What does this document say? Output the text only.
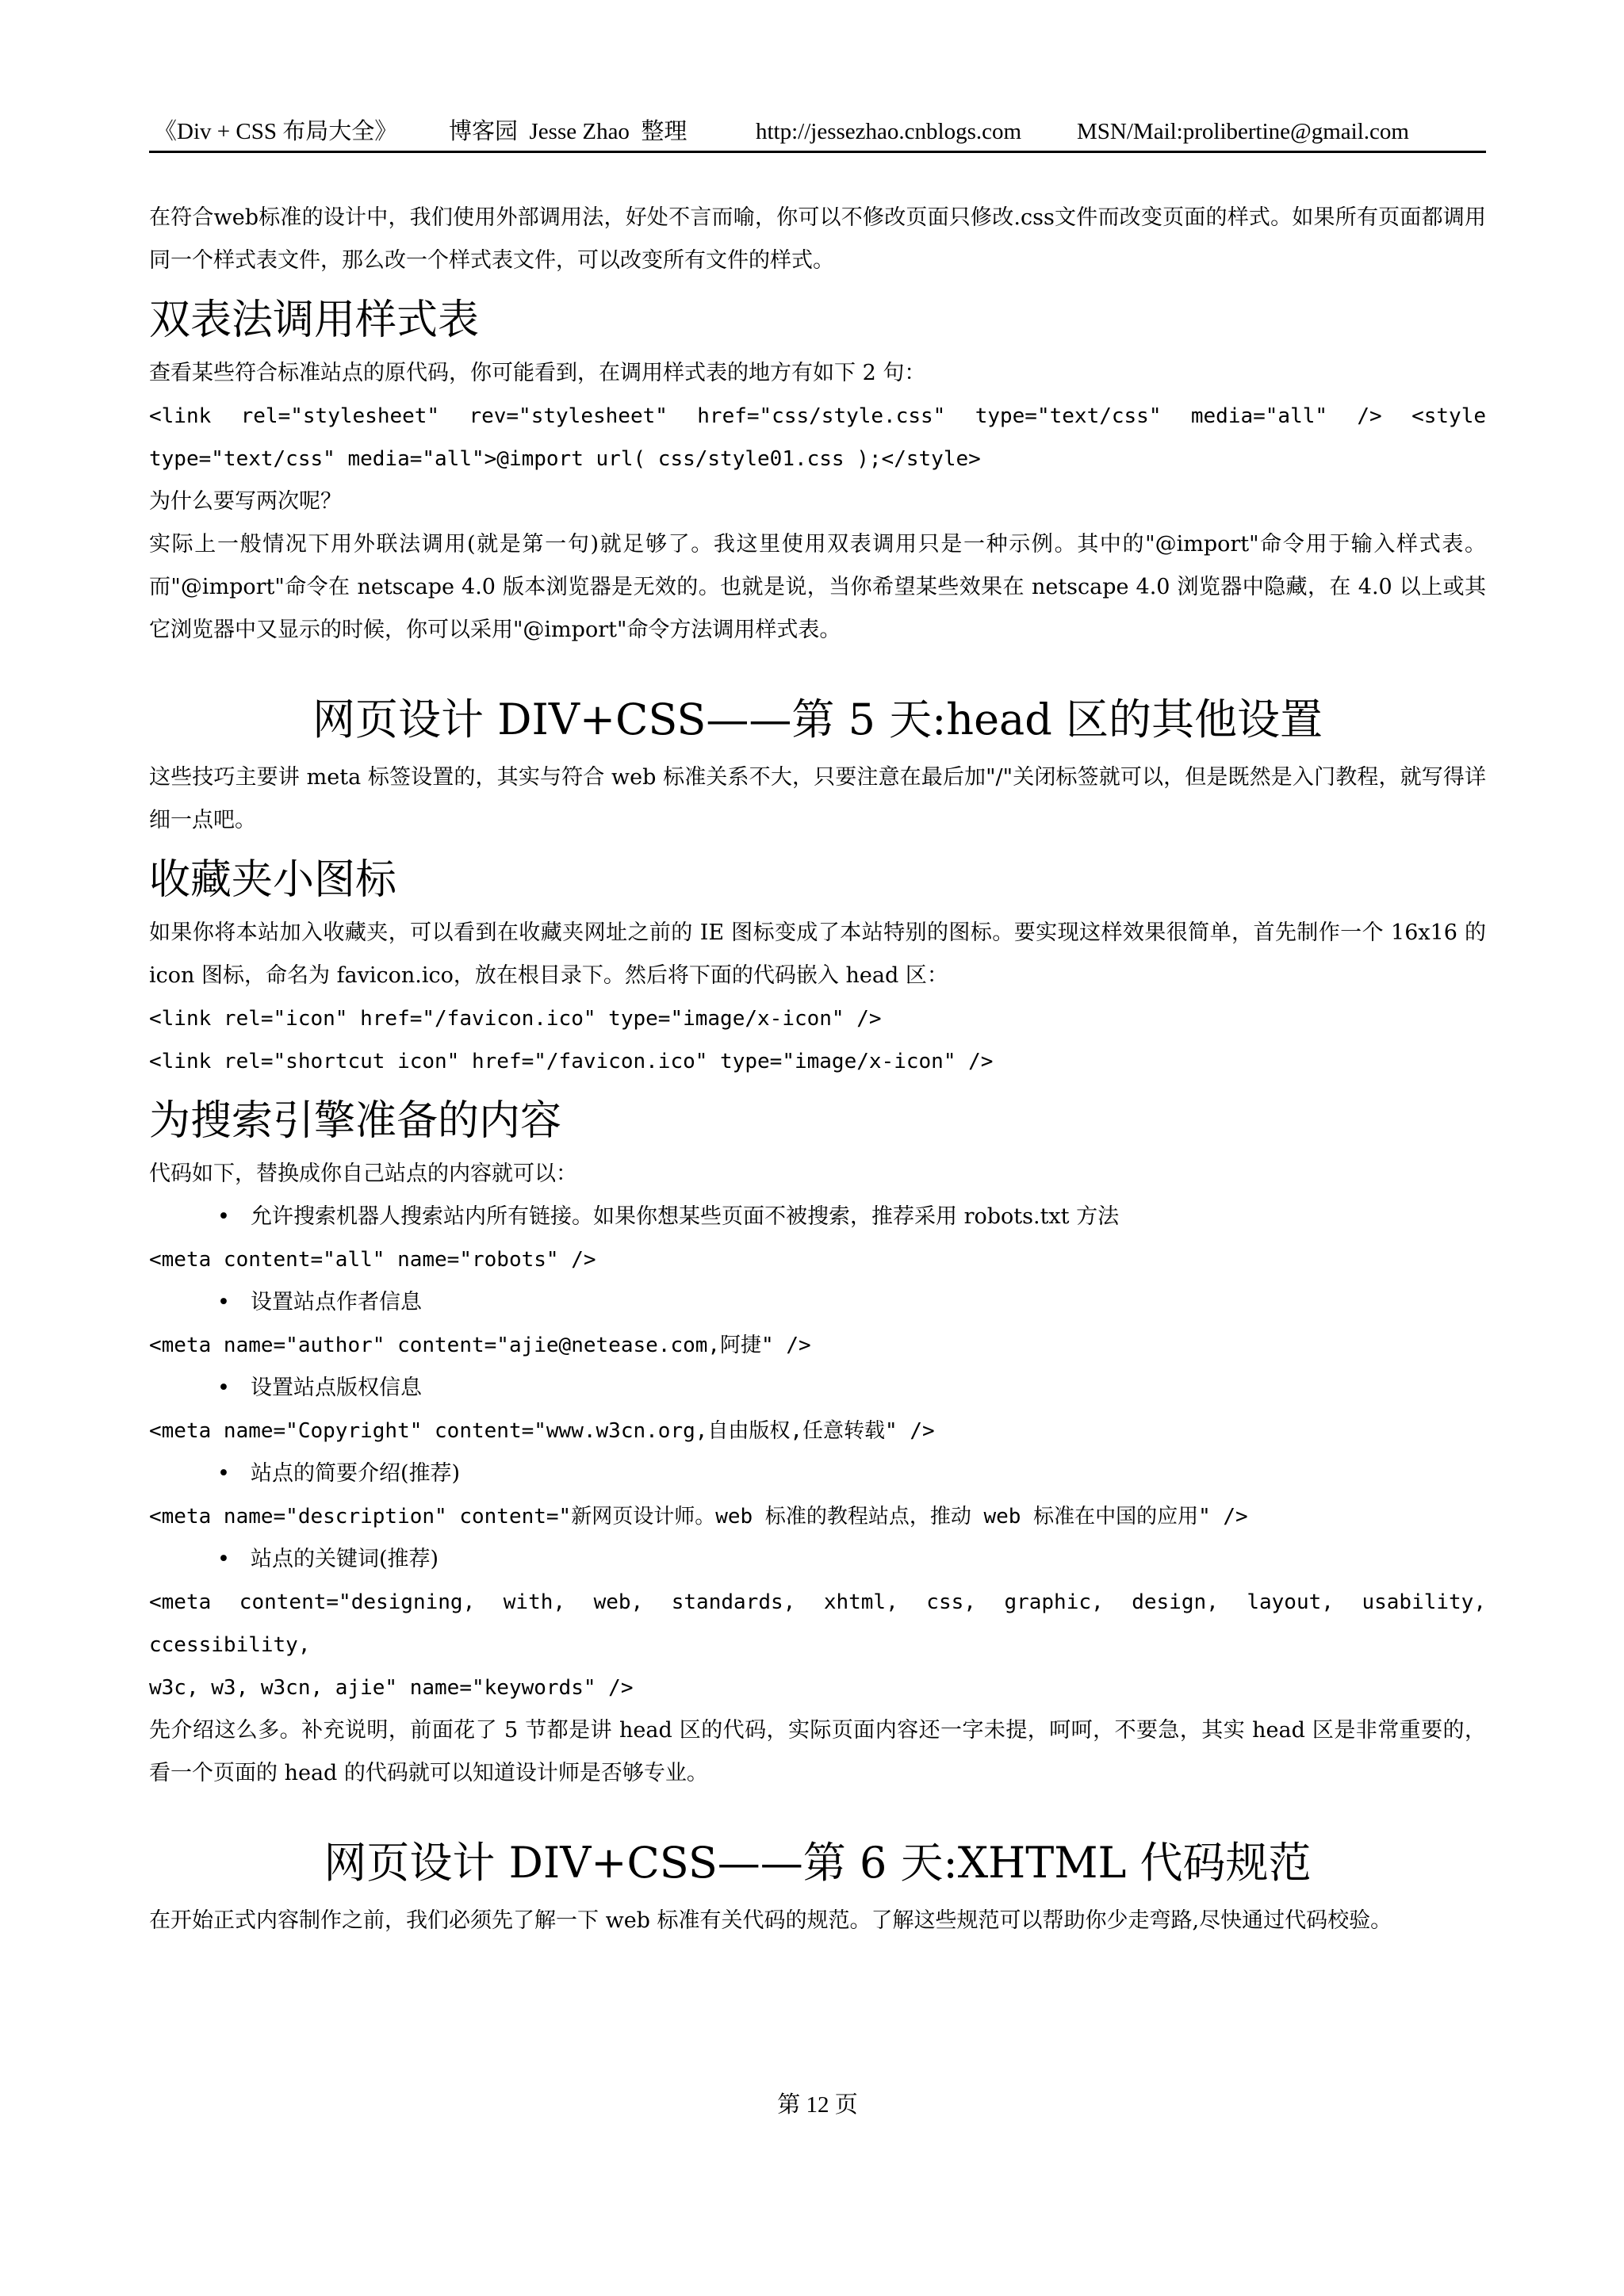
《Div + CSS 布局大全》

博客园  Jesse Zhao  整理

	http://jessezhao.cnblogs.com

MSN/Mail:prolibertine@gmail.com

在符合web标准的设计中，我们使用外部调用法，好处不言而喻，你可以不修改页面只修改.css文件而改变页面的样式。如果所有页面都调用同一个样式表文件，那么改一个样式表文件，可以改变所有文件的样式。

双表法调用样式表

查看某些符合标准站点的原代码，你可能看到，在调用样式表的地方有如下 2 句：

<link rel="stylesheet" rev="stylesheet" href="css/style.css" type="text/css" media="all" /> <style
type="text/css" media="all">@import url( css/style01.css );</style>

为什么要写两次呢？

实际上一般情况下用外联法调用(就是第一句)就足够了。我这里使用双表调用只是一种示例。其中的"@import"命令用于输入样式表。而"@import"命令在 netscape 4.0 版本浏览器是无效的。也就是说，当你希望某些效果在 netscape 4.0 浏览器中隐藏，在 4.0 以上或其它浏览器中又显示的时候，你可以采用"@import"命令方法调用样式表。

网页设计 DIV+CSS——第 5 天:head 区的其他设置

这些技巧主要讲 meta 标签设置的，其实与符合 web 标准关系不大，只要注意在最后加"/"关闭标签就可以，但是既然是入门教程，就写得详细一点吧。

收藏夹小图标

如果你将本站加入收藏夹，可以看到在收藏夹网址之前的 IE 图标变成了本站特别的图标。要实现这样效果很简单，首先制作一个 16x16 的 icon 图标，命名为 favicon.ico，放在根目录下。然后将下面的代码嵌入 head 区：

<link rel="icon" href="/favicon.ico" type="image/x-icon" />
<link rel="shortcut icon" href="/favicon.ico" type="image/x-icon" />
为搜索引擎准备的内容

代码如下，替换成你自己站点的内容就可以：

• 允许搜索机器人搜索站内所有链接。如果你想某些页面不被搜索，推荐采用 robots.txt 方法
<meta content="all" name="robots" />
• 设置站点作者信息
<meta name="author" content="ajie@netease.com,阿捷" />
• 设置站点版权信息
<meta name="Copyright" content="www.w3cn.org,自由版权,任意转载" />
• 站点的简要介绍(推荐)
<meta name="description" content="新网页设计师。web 标准的教程站点，推动 web 标准在中国的应用" />
• 站点的关键词(推荐)
<meta content="designing, with, web, standards, xhtml, css, graphic, design, layout, usability, ccessibility,
w3c, w3, w3cn, ajie" name="keywords" />

先介绍这么多。补充说明，前面花了 5 节都是讲 head 区的代码，实际页面内容还一字未提，呵呵，不要急，其实 head 区是非常重要的，看一个页面的 head 的代码就可以知道设计师是否够专业。

网页设计 DIV+CSS——第 6 天:XHTML 代码规范

在开始正式内容制作之前，我们必须先了解一下 web 标准有关代码的规范。了解这些规范可以帮助你少走弯路,尽快通过代码校验。

第 12 页
